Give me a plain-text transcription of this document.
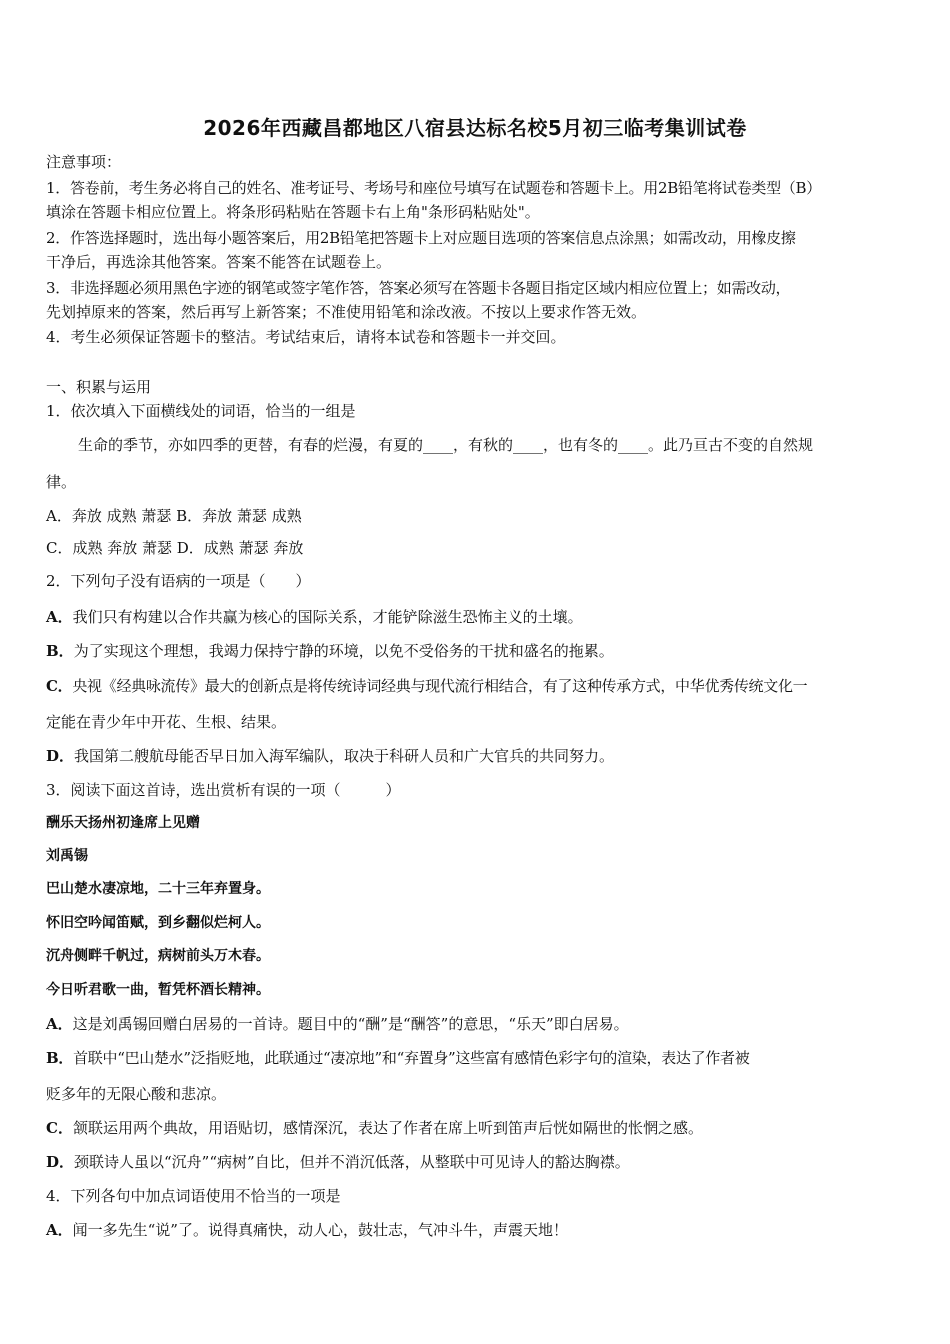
2026年西藏昌都地区八宿县达标名校5月初三临考集训试卷
注意事项：
1．答卷前，考生务必将自己的姓名、准考证号、考场号和座位号填写在试题卷和答题卡上。用2B铅笔将试卷类型（B）
填涂在答题卡相应位置上。将条形码粘贴在答题卡右上角"条形码粘贴处"。
2．作答选择题时，选出每小题答案后，用2B铅笔把答题卡上对应题目选项的答案信息点涂黑；如需改动，用橡皮擦
干净后，再选涂其他答案。答案不能答在试题卷上。
3．非选择题必须用黑色字迹的钢笔或签字笔作答，答案必须写在答题卡各题目指定区域内相应位置上；如需改动，
先划掉原来的答案，然后再写上新答案；不准使用铅笔和涂改液。不按以上要求作答无效。
4．考生必须保证答题卡的整洁。考试结束后，请将本试卷和答题卡一并交回。
一、积累与运用
1．依次填入下面横线处的词语，恰当的一组是
生命的季节，亦如四季的更替，有春的烂漫，有夏的____，有秋的____，也有冬的____。此乃亘古不变的自然规
律。
A．奔放 成熟 萧瑟 B．奔放 萧瑟 成熟
C．成熟 奔放 萧瑟 D．成熟 萧瑟 奔放
2．下列句子没有语病的一项是（　　）
A．我们只有构建以合作共赢为核心的国际关系，才能铲除滋生恐怖主义的土壤。
B．为了实现这个理想，我竭力保持宁静的环境，以免不受俗务的干扰和盛名的拖累。
C．央视《经典咏流传》最大的创新点是将传统诗词经典与现代流行相结合，有了这种传承方式，中华优秀传统文化一
定能在青少年中开花、生根、结果。
D．我国第二艘航母能否早日加入海军编队，取决于科研人员和广大官兵的共同努力。
3．阅读下面这首诗，选出赏析有误的一项（　　　）
酬乐天扬州初逢席上见赠
刘禹锡
巴山楚水凄凉地，二十三年弃置身。
怀旧空吟闻笛赋，到乡翻似烂柯人。
沉舟侧畔千帆过，病树前头万木春。
今日听君歌一曲，暂凭杯酒长精神。
A．这是刘禹锡回赠白居易的一首诗。题目中的“酬”是“酬答”的意思，“乐天”即白居易。
B．首联中“巴山楚水”泛指贬地，此联通过“凄凉地”和“弃置身”这些富有感情色彩字句的渲染，表达了作者被
贬多年的无限心酸和悲凉。
C．颔联运用两个典故，用语贴切，感情深沉，表达了作者在席上听到笛声后恍如隔世的怅惘之感。
D．颈联诗人虽以“沉舟”“病树”自比，但并不消沉低落，从整联中可见诗人的豁达胸襟。
4．下列各句中加点词语使用不恰当的一项是
A．闻一多先生“说”了。说得真痛快，动人心，鼓壮志，气冲斗牛，声震天地！
